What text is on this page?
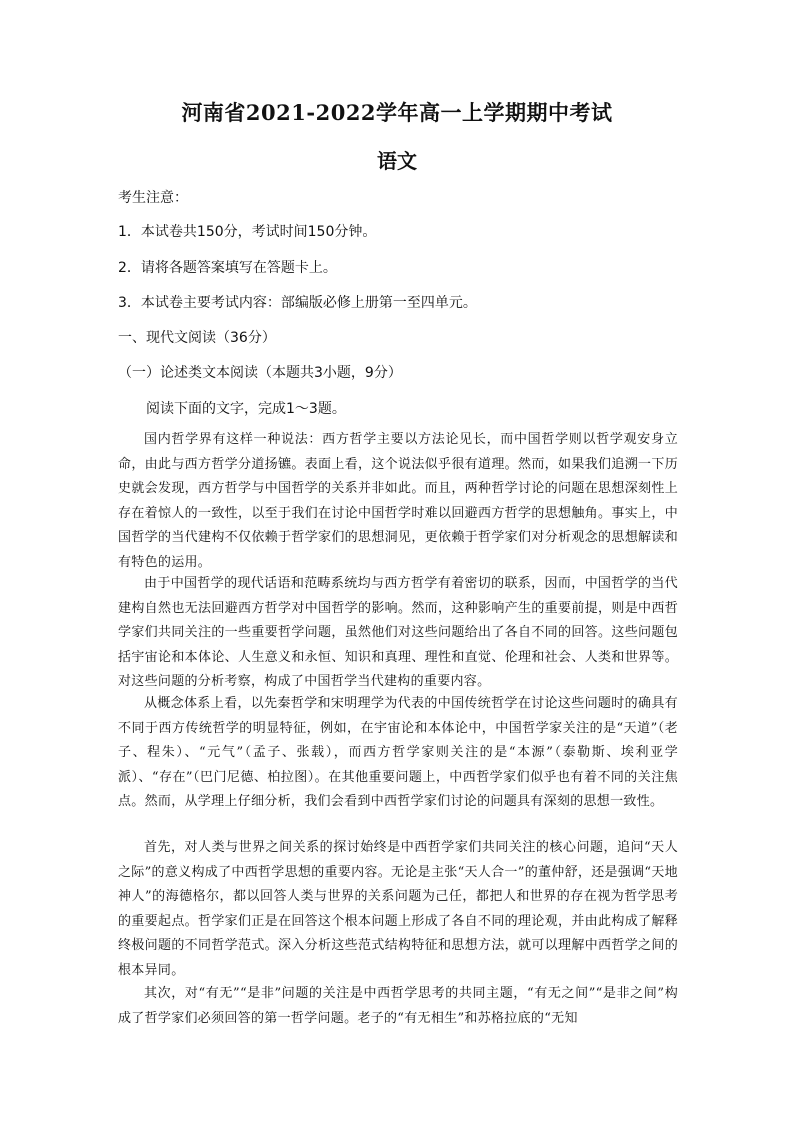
河南省2021-2022学年高一上学期期中考试
语文
考生注意：
1．本试卷共150分，考试时间150分钟。
2．请将各题答案填写在答题卡上。
3．本试卷主要考试内容：部编版必修上册第一至四单元。
一、现代文阅读（36分）
（一）论述类文本阅读（本题共3小题，9分）
阅读下面的文字，完成1～3题。
国内哲学界有这样一种说法：西方哲学主要以方法论见长，而中国哲学则以哲学观安身立命，由此与西方哲学分道扬镳。表面上看，这个说法似乎很有道理。然而，如果我们追溯一下历史就会发现，西方哲学与中国哲学的关系并非如此。而且，两种哲学讨论的问题在思想深刻性上存在着惊人的一致性，以至于我们在讨论中国哲学时难以回避西方哲学的思想触角。事实上，中国哲学的当代建构不仅依赖于哲学家们的思想洞见，更依赖于哲学家们对分析观念的思想解读和有特色的运用。
由于中国哲学的现代话语和范畴系统均与西方哲学有着密切的联系，因而，中国哲学的当代建构自然也无法回避西方哲学对中国哲学的影响。然而，这种影响产生的重要前提，则是中西哲学家们共同关注的一些重要哲学问题，虽然他们对这些问题给出了各自不同的回答。这些问题包括宇宙论和本体论、人生意义和永恒、知识和真理、理性和直觉、伦理和社会、人类和世界等。对这些问题的分析考察，构成了中国哲学当代建构的重要内容。
从概念体系上看，以先秦哲学和宋明理学为代表的中国传统哲学在讨论这些问题时的确具有不同于西方传统哲学的明显特征，例如，在宇宙论和本体论中，中国哲学家关注的是“天道”（老子、程朱）、“元气”（孟子、张载），而西方哲学家则关注的是“本源”（泰勒斯、埃利亚学派）、“存在”（巴门尼德、柏拉图）。在其他重要问题上，中西哲学家们似乎也有着不同的关注焦点。然而，从学理上仔细分析，我们会看到中西哲学家们讨论的问题具有深刻的思想一致性。
首先，对人类与世界之间关系的探讨始终是中西哲学家们共同关注的核心问题，追问“天人之际”的意义构成了中西哲学思想的重要内容。无论是主张“天人合一”的董仲舒，还是强调“天地神人”的海德格尔，都以回答人类与世界的关系问题为己任，都把人和世界的存在视为哲学思考的重要起点。哲学家们正是在回答这个根本问题上形成了各自不同的理论观，并由此构成了解释终极问题的不同哲学范式。深入分析这些范式结构特征和思想方法，就可以理解中西哲学之间的根本异同。
其次，对“有无”“是非”问题的关注是中西哲学思考的共同主题，“有无之间”“是非之间”构成了哲学家们必须回答的第一哲学问题。老子的“有无相生”和苏格拉底的“无知
